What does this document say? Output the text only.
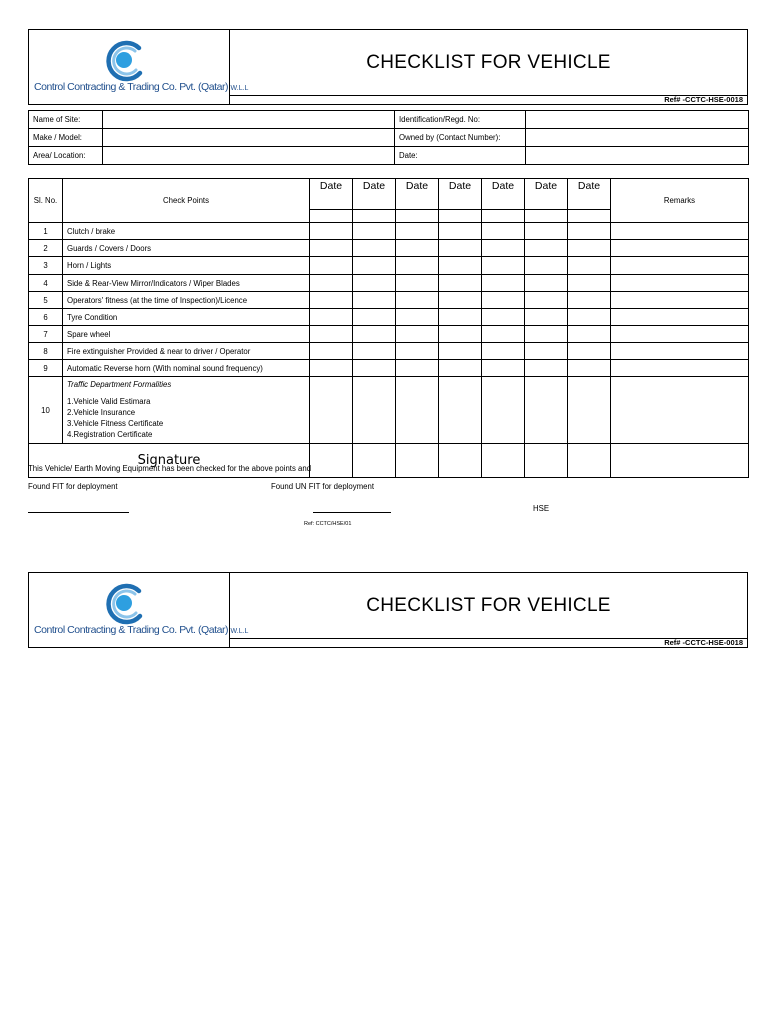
Control Contracting & Trading Co. Pvt. (Qatar) W.L.L
CHECKLIST FOR VEHICLE
Ref# -CCTC-HSE-0018
Name of Site:		Identification/Regd. No:	
Make / Model:		Owned by (Contact Number):	
Area/ Location:		Date:	
Sl. No.	Check Points	Date	Date	Date	Date	Date	Date	Date	Remarks

1	Clutch / brake								
2	Guards / Covers / Doors								
3	Horn / Lights								
4	Side & Rear-View Mirror/Indicators / Wiper Blades								
5	Operators' fitness (at the time of Inspection)/Licence								
6	Tyre Condition								
7	Spare wheel								
8	Fire extinguisher Provided & near to driver / Operator								
9	Automatic Reverse horn (With nominal sound frequency)								
10	Traffic Department Formalities
1.Vehicle Valid Estimara
2.Vehicle Insurance
3.Vehicle Fitness Certificate
4.Registration Certificate								

Signature									
This Vehicle/ Earth Moving Equipment has been checked for the above points and
Found FIT for deployment	Found UN FIT for deployment
HSE
Ref: CCTC/HSE/01
Control Contracting & Trading Co. Pvt. (Qatar) W.L.L
CHECKLIST FOR VEHICLE
Ref# -CCTC-HSE-0018
